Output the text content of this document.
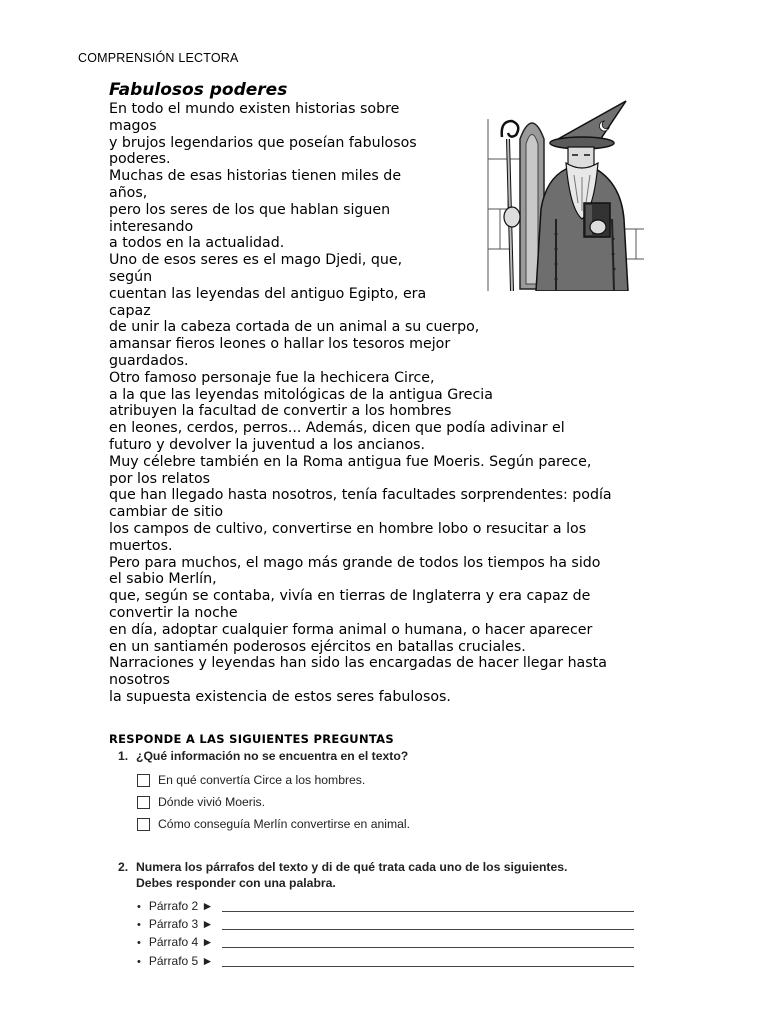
COMPRENSIÓN LECTORA
Fabulosos poderes
En todo el mundo existen historias sobre
magos
y brujos legendarios que poseían fabulosos
poderes.
Muchas de esas historias tienen miles de
años,
pero los seres de los que hablan siguen
interesando
a todos en la actualidad.
Uno de esos seres es el mago Djedi, que,
según
cuentan las leyendas del antiguo Egipto, era
capaz
de unir la cabeza cortada de un animal a su cuerpo,
amansar fieros leones o hallar los tesoros mejor
guardados.
Otro famoso personaje fue la hechicera Circe,
a la que las leyendas mitológicas de la antigua Grecia
atribuyen la facultad de convertir a los hombres
en leones, cerdos, perros... Además, dicen que podía adivinar el
futuro y devolver la juventud a los ancianos.
Muy célebre también en la Roma antigua fue Moeris. Según parece,
por los relatos
que han llegado hasta nosotros, tenía facultades sorprendentes: podía
cambiar de sitio
los campos de cultivo, convertirse en hombre lobo o resucitar a los
muertos.
Pero para muchos, el mago más grande de todos los tiempos ha sido
el sabio Merlín,
que, según se contaba, vivía en tierras de Inglaterra y era capaz de
convertir la noche
en día, adoptar cualquier forma animal o humana, o hacer aparecer
en un santiamén poderosos ejércitos en batallas cruciales.
Narraciones y leyendas han sido las encargadas de hacer llegar hasta
nosotros
la supuesta existencia de estos seres fabulosos.
RESPONDE A LAS SIGUIENTES PREGUNTAS
1. ¿Qué información no se encuentra en el texto?
En qué convertía Circe a los hombres.
Dónde vivió Moeris.
Cómo conseguía Merlín convertirse en animal.
2. Numera los párrafos del texto y di de qué trata cada uno de los siguientes.
Debes responder con una palabra.
• Párrafo 2 ►
• Párrafo 3 ►
• Párrafo 4 ►
• Párrafo 5 ►
